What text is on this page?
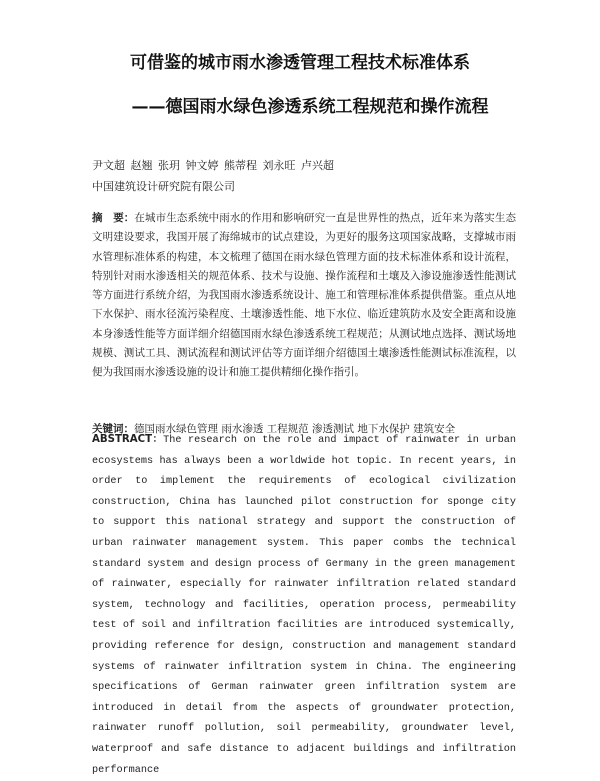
可借鉴的城市雨水渗透管理工程技术标准体系
——德国雨水绿色渗透系统工程规范和操作流程
尹文超 赵翘 张玥 钟文婷 熊蒂程 刘永旺 卢兴超
中国建筑设计研究院有限公司
摘　要：在城市生态系统中雨水的作用和影响研究一直是世界性的热点，近年来为落实生态文明建设要求，我国开展了海绵城市的试点建设，为更好的服务这项国家战略，支撑城市雨水管理标准体系的构建，本文梳理了德国在雨水绿色管理方面的技术标准体系和设计流程，特别针对雨水渗透相关的规范体系、技术与设施、操作流程和土壤及入渗设施渗透性能测试等方面进行系统介绍，为我国雨水渗透系统设计、施工和管理标准体系提供借鉴。重点从地下水保护、雨水径流污染程度、土壤渗透性能、地下水位、临近建筑防水及安全距离和设施本身渗透性能等方面详细介绍德国雨水绿色渗透系统工程规范；从测试地点选择、测试场地规模、测试工具、测试流程和测试评估等方面详细介绍德国土壤渗透性能测试标准流程，以便为我国雨水渗透设施的设计和施工提供精细化操作指引。
关键词：德国雨水绿色管理 雨水渗透 工程规范 渗透测试 地下水保护 建筑安全
ABSTRACT：The research on the role and impact of rainwater in urban ecosystems has always been a worldwide hot topic. In recent years, in order to implement the requirements of ecological civilization construction, China has launched pilot construction for sponge city to support this national strategy and support the construction of urban rainwater management system. This paper combs the technical standard system and design process of Germany in the green management of rainwater, especially for rainwater infiltration related standard system, technology and facilities, operation process, permeability test of soil and infiltration facilities are introduced systemically, providing reference for design, construction and management standard systems of rainwater infiltration system in China. The engineering specifications of German rainwater green infiltration system are introduced in detail from the aspects of groundwater protection, rainwater runoff pollution, soil permeability, groundwater level, waterproof and safe distance to adjacent buildings and infiltration performance
